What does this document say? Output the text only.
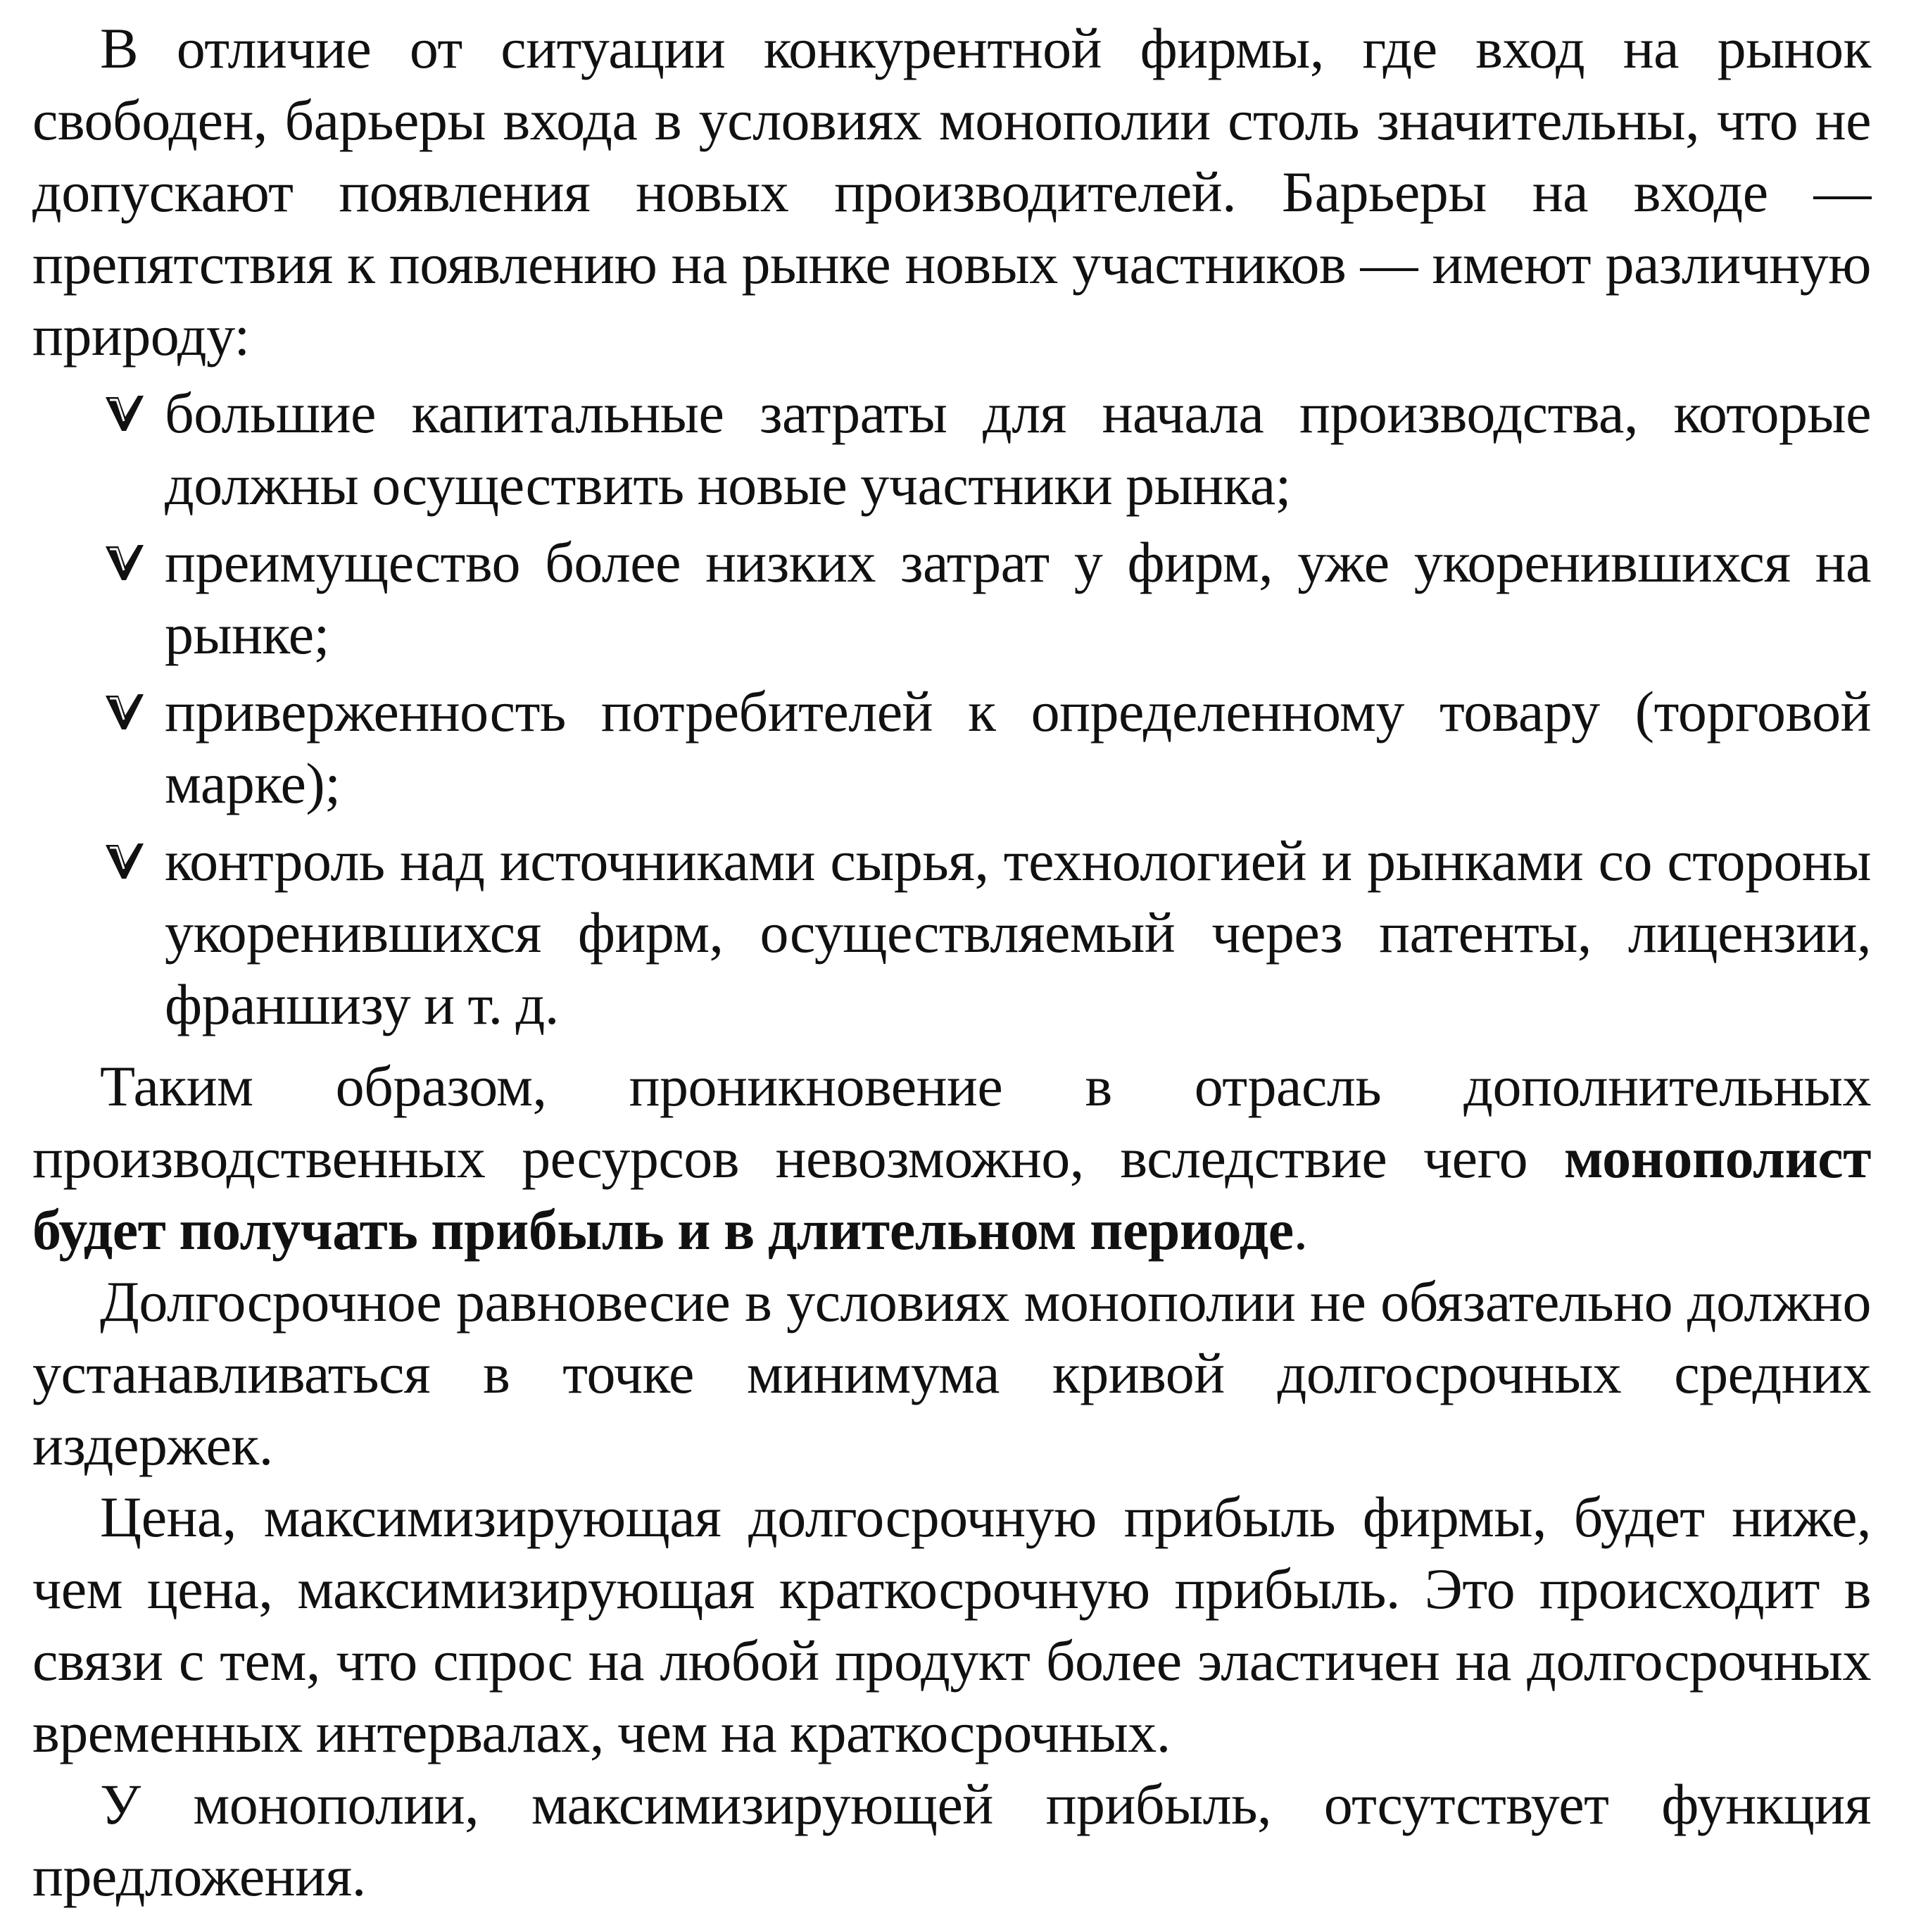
В отличие от ситуации конкурентной фирмы, где вход на рынок свободен, барьеры входа в условиях монополии столь значительны, что не допускают появления новых производителей. Барьеры на входе — препятствия к появлению на рынке новых участников — имеют различную природу:

большие капитальные затраты для начала производства, которые должны осуществить новые участники рынка;
преимущество более низких затрат у фирм, уже укоренившихся на рынке;
приверженность потребителей к определенному товару (торговой марке);
контроль над источниками сырья, технологией и рынками со стороны укоренившихся фирм, осуществляемый через патенты, лицензии, франшизу и т. д.

Таким образом, проникновение в отрасль дополнительных производственных ресурсов невозможно, вследствие чего монополист будет получать прибыль и в длительном периоде.

Долгосрочное равновесие в условиях монополии не обязательно должно устанавливаться в точке минимума кривой долгосрочных средних издержек.

Цена, максимизирующая долгосрочную прибыль фирмы, будет ниже, чем цена, максимизирующая краткосрочную прибыль. Это происходит в связи с тем, что спрос на любой продукт более эластичен на долгосрочных временных интервалах, чем на краткосрочных.

У монополии, максимизирующей прибыль, отсутствует функция предложения.
